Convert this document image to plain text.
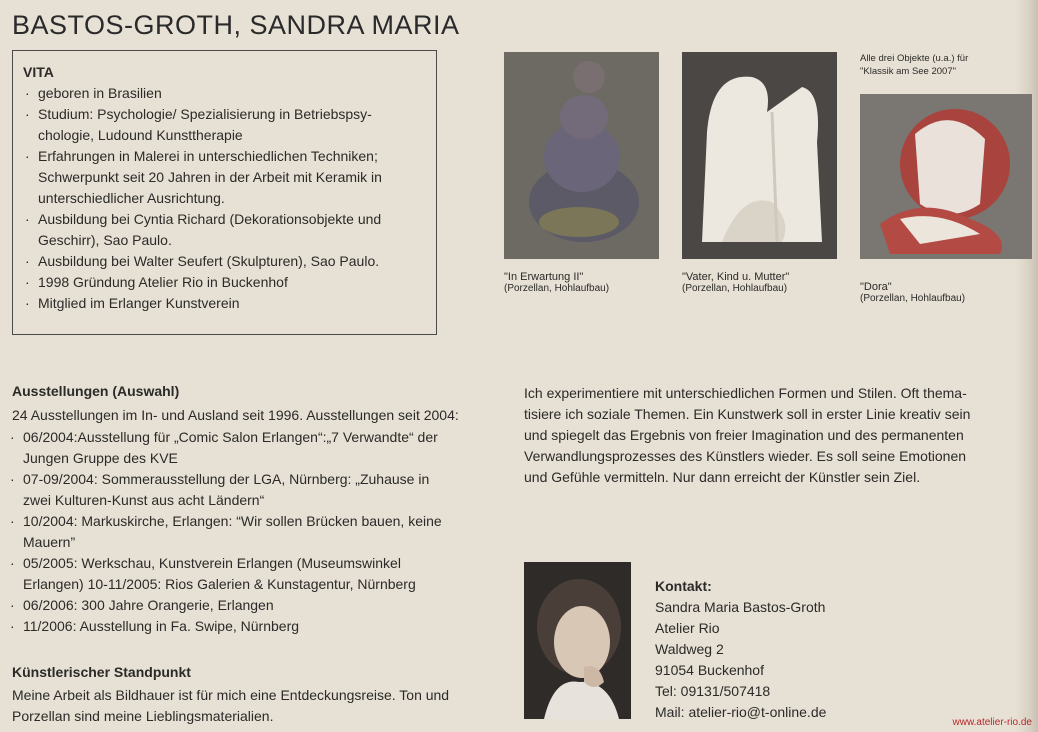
BASTOS-GROTH, SANDRA MARIA
VITA
· geboren in Brasilien
· Studium: Psychologie/ Spezialisierung in Betriebspsy-
chologie, Ludound Kunsttherapie
· Erfahrungen in Malerei in unterschiedlichen Techniken;
Schwerpunkt seit 20 Jahren in der Arbeit mit Keramik in
unterschiedlicher Ausrichtung.
· Ausbildung bei Cyntia Richard (Dekorationsobjekte und
Geschirr), Sao Paulo.
· Ausbildung bei Walter Seufert (Skulpturen), Sao Paulo.
· 1998 Gründung Atelier Rio in Buckenhof
· Mitglied im Erlanger Kunstverein
"In Erwartung II"
(Porzellan, Hohlaufbau)
"Vater, Kind u. Mutter"
(Porzellan, Hohlaufbau)
Alle drei Objekte (u.a.) für
"Klassik am See 2007"
"Dora"
(Porzellan, Hohlaufbau)
Ausstellungen (Auswahl)

24 Ausstellungen im In- und Ausland seit 1996. Ausstellungen seit 2004:

· 06/2004:Ausstellung für „Comic Salon Erlangen“:„7 Verwandte“ der
Jungen Gruppe des KVE
· 07-09/2004: Sommerausstellung der LGA, Nürnberg: „Zuhause in
zwei Kulturen-Kunst aus acht Ländern“
· 10/2004: Markuskirche, Erlangen: “Wir sollen Brücken bauen, keine
Mauern”
· 05/2005: Werkschau, Kunstverein Erlangen (Museumswinkel
Erlangen) 10-11/2005: Rios Galerien & Kunstagentur, Nürnberg
· 06/2006: 300 Jahre Orangerie, Erlangen
· 11/2006: Ausstellung in Fa. Swipe, Nürnberg
Künstlerischer Standpunkt

Meine Arbeit als Bildhauer ist für mich eine Entdeckungsreise. Ton und

Porzellan sind meine Lieblingsmaterialien.

Ich experimentiere mit unterschiedlichen Formen und Stilen. Oft thema-

tisiere ich soziale Themen. Ein Kunstwerk soll in erster Linie kreativ sein

und spiegelt das Ergebnis von freier Imagination und des permanenten

Verwandlungsprozesses des Künstlers wieder. Es soll seine Emotionen

und Gefühle vermitteln. Nur dann erreicht der Künstler sein Ziel.

Kontakt:
Sandra Maria Bastos-Groth
Atelier Rio
Waldweg 2
91054 Buckenhof
Tel: 09131/507418
Mail: atelier-rio@t-online.de
www.atelier-rio.de
